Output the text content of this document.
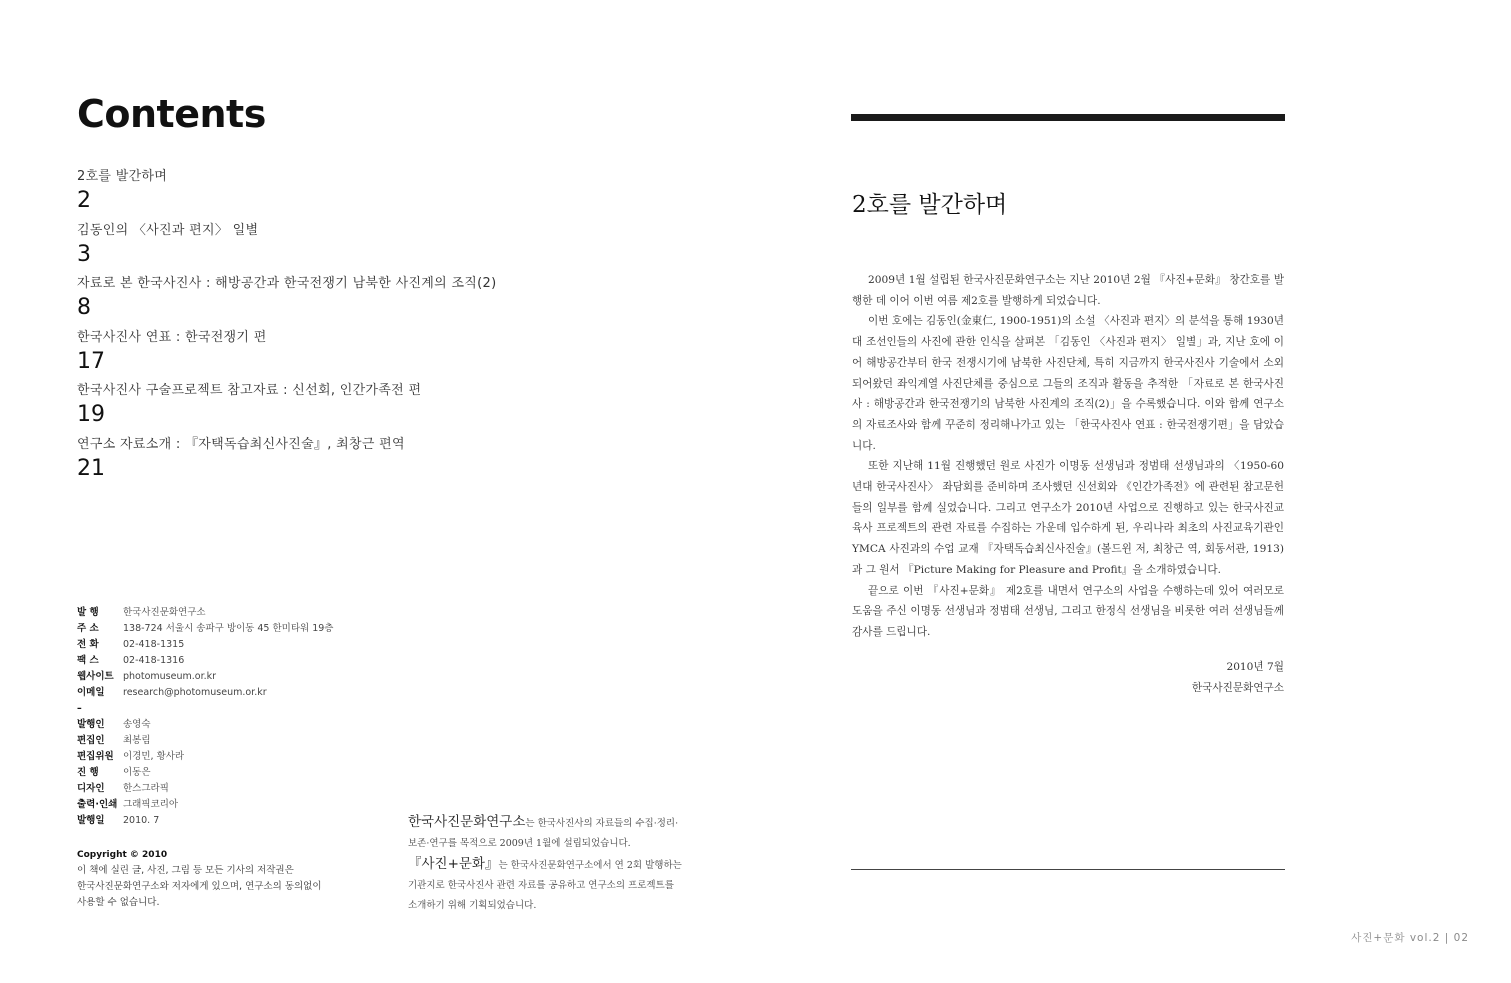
Contents
2호를 발간하며
2
김동인의 〈사진과 편지〉 일별
3
자료로 본 한국사진사 : 해방공간과 한국전쟁기 남북한 사진계의 조직(2)
8
한국사진사 연표 : 한국전쟁기 편
17
한국사진사 구술프로젝트 참고자료 : 신선회, 인간가족전 편
19
연구소 자료소개 : 『자택독습최신사진술』, 최창근 편역
21
발 행	한국사진문화연구소
주 소	138-724 서울시 송파구 방이동 45 한미타워 19층
전 화	02-418-1315
팩 스	02-418-1316
웹사이트 photomuseum.or.kr
이메일	research@photomuseum.or.kr
–
발행인	송영숙
편집인	최봉림
편집위원 이경민, 황사라
진 행	이동은
디자인	한스그라픽
출력·인쇄 그래픽코리아
발행일	2010. 7
Copyright © 2010
이 책에 실린 글, 사진, 그림 등 모든 기사의 저작권은
한국사진문화연구소와 저자에게 있으며, 연구소의 동의없이
사용할 수 없습니다.
한국사진문화연구소는 한국사진사의 자료들의 수집·정리·
보존·연구를 목적으로 2009년 1월에 설립되었습니다.
『사진+문화』는 한국사진문화연구소에서 연 2회 발행하는
기관지로 한국사진사 관련 자료를 공유하고 연구소의 프로젝트를
소개하기 위해 기획되었습니다.
2호를 발간하며

2009년 1월 설립된 한국사진문화연구소는 지난 2010년 2월 『사진+문화』 창간호를 발행한 데 이어 이번 여름 제2호를 발행하게 되었습니다.

이번 호에는 김동인(金東仁, 1900-1951)의 소설 〈사진과 편지〉의 분석을 통해 1930년대 조선인들의 사진에 관한 인식을 살펴본 「김동인 〈사진과 편지〉 일별」과, 지난 호에 이어 해방공간부터 한국 전쟁시기에 남북한 사진단체, 특히 지금까지 한국사진사 기술에서 소외되어왔던 좌익계열 사진단체를 중심으로 그들의 조직과 활동을 추적한 「자료로 본 한국사진사 : 해방공간과 한국전쟁기의 남북한 사진계의 조직(2)」을 수록했습니다. 이와 함께 연구소의 자료조사와 함께 꾸준히 정리해나가고 있는 「한국사진사 연표 : 한국전쟁기편」을 담았습니다.

또한 지난해 11월 진행했던 원로 사진가 이명동 선생님과 정범태 선생님과의 〈1950-60년대 한국사진사〉 좌담회를 준비하며 조사했던 신선회와 《인간가족전》에 관련된 참고문헌들의 일부를 함께 실었습니다. 그리고 연구소가 2010년 사업으로 진행하고 있는 한국사진교육사 프로젝트의 관련 자료를 수집하는 가운데 입수하게 된, 우리나라 최초의 사진교육기관인 YMCA 사진과의 수업 교재 『자택독습최신사진술』(볼드윈 저, 최창근 역, 회동서관, 1913)과 그 원서 『Picture Making for Pleasure and Profit』을 소개하였습니다.

끝으로 이번 『사진+문화』 제2호를 내면서 연구소의 사업을 수행하는데 있어 여러모로 도움을 주신 이명동 선생님과 정범태 선생님, 그리고 한정식 선생님을 비롯한 여러 선생님들께 감사를 드립니다.

2010년 7월
한국사진문화연구소
사진+문화 vol.2 | 02
